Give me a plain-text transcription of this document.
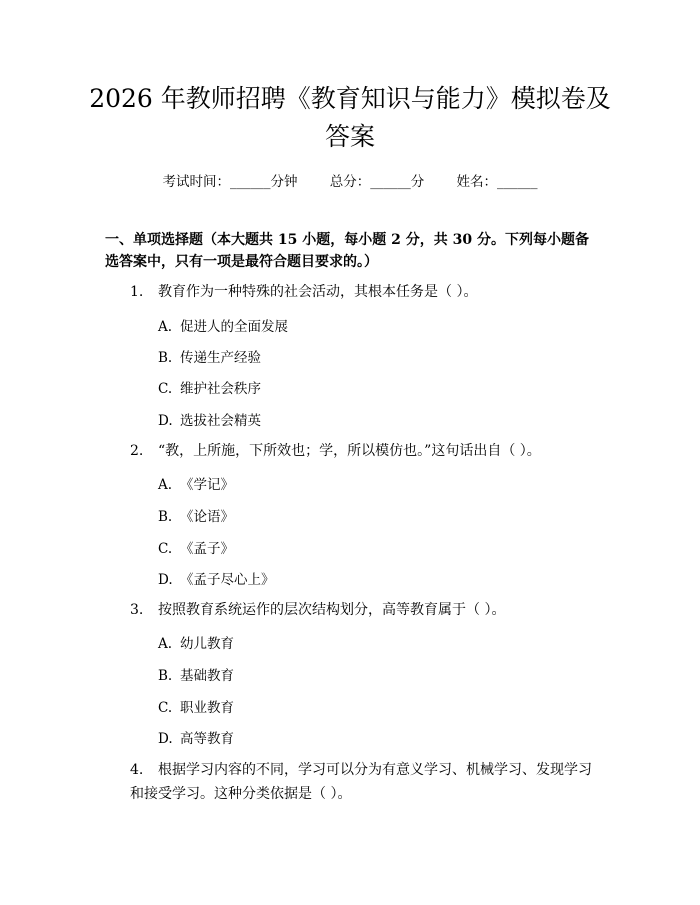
2026 年教师招聘《教育知识与能力》模拟卷及答案
考试时间：______分钟 总分：______分 姓名：______
一、单项选择题（本大题共 15 小题，每小题 2 分，共 30 分。下列每小题备选答案中，只有一项是最符合题目要求的。）
1. 教育作为一种特殊的社会活动，其根本任务是（ ）。
A. 促进人的全面发展
B. 传递生产经验
C. 维护社会秩序
D. 选拔社会精英
2. “教，上所施，下所效也；学，所以模仿也。”这句话出自（ ）。
A. 《学记》
B. 《论语》
C. 《孟子》
D. 《孟子尽心上》
3. 按照教育系统运作的层次结构划分，高等教育属于（ ）。
A. 幼儿教育
B. 基础教育
C. 职业教育
D. 高等教育
4. 根据学习内容的不同，学习可以分为有意义学习、机械学习、发现学习和接受学习。这种分类依据是（ ）。
